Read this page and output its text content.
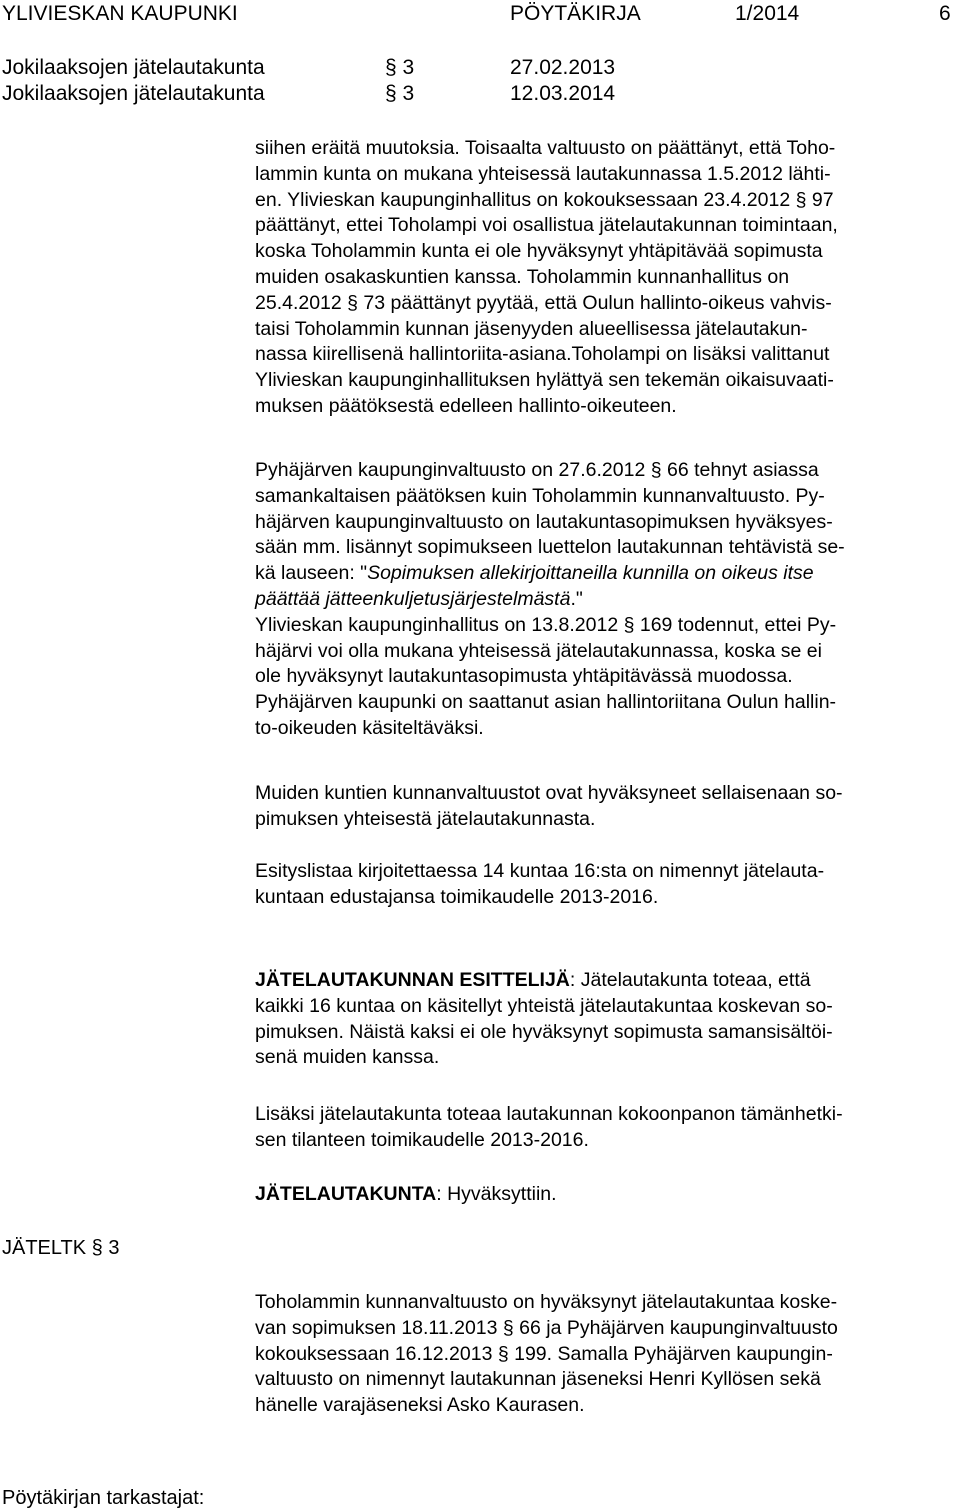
YLIVIESKAN KAUPUNKI	PÖYTÄKIRJA	1/2014	6
Jokilaaksojen jätelautakunta	§ 3	27.02.2013
Jokilaaksojen jätelautakunta	§ 3	12.03.2014
siihen eräitä muutoksia. Toisaalta valtuusto on päättänyt, että Toho-
lammin kunta on mukana yhteisessä lautakunnassa 1.5.2012 lähti-
en. Ylivieskan kaupunginhallitus on kokouksessaan 23.4.2012 § 97
päättänyt, ettei Toholampi voi osallistua jätelautakunnan toimintaan,
koska Toholammin kunta ei ole hyväksynyt yhtäpitävää sopimusta
muiden osakaskuntien kanssa. Toholammin kunnanhallitus on
25.4.2012 § 73 päättänyt pyytää, että Oulun hallinto-oikeus vahvis-
taisi Toholammin kunnan jäsenyyden alueellisessa jätelautakun-
nassa kiirellisenä hallintoriita-asiana.Toholampi on lisäksi valittanut
Ylivieskan kaupunginhallituksen hylättyä sen tekemän oikaisuvaati-
muksen päätöksestä edelleen hallinto-oikeuteen.
Pyhäjärven kaupunginvaltuusto on 27.6.2012 § 66 tehnyt asiassa
samankaltaisen päätöksen kuin Toholammin kunnanvaltuusto. Py-
häjärven kaupunginvaltuusto on lautakuntasopimuksen hyväksyes-
sään mm. lisännyt sopimukseen luettelon lautakunnan tehtävistä se-
kä lauseen: "Sopimuksen allekirjoittaneilla kunnilla on oikeus itse
päättää jätteenkuljetusjärjestelmästä."
Ylivieskan kaupunginhallitus on 13.8.2012 § 169 todennut, ettei Py-
häjärvi voi olla mukana yhteisessä jätelautakunnassa, koska se ei
ole hyväksynyt lautakuntasopimusta yhtäpitävässä muodossa.
Pyhäjärven kaupunki on saattanut asian hallintoriitana Oulun hallin-
to-oikeuden käsiteltäväksi.
Muiden kuntien kunnanvaltuustot ovat hyväksyneet sellaisenaan so-
pimuksen yhteisestä jätelautakunnasta.
Esityslistaa kirjoitettaessa 14 kuntaa 16:sta on nimennyt jätelauta-
kuntaan edustajansa toimikaudelle 2013-2016.
JÄTELAUTAKUNNAN ESITTELIJÄ: Jätelautakunta toteaa, että
kaikki 16 kuntaa on käsitellyt yhteistä jätelautakuntaa koskevan so-
pimuksen. Näistä kaksi ei ole hyväksynyt sopimusta samansisältöi-
senä muiden kanssa.
Lisäksi jätelautakunta toteaa lautakunnan kokoonpanon tämänhetki-
sen tilanteen toimikaudelle 2013-2016.
JÄTELAUTAKUNTA: Hyväksyttiin.
JÄTELTK § 3
Toholammin kunnanvaltuusto on hyväksynyt jätelautakuntaa koske-
van sopimuksen 18.11.2013 § 66 ja Pyhäjärven kaupunginvaltuusto
kokouksessaan 16.12.2013 § 199. Samalla Pyhäjärven kaupungin-
valtuusto on nimennyt lautakunnan jäseneksi Henri Kyllösen sekä
hänelle varajäseneksi Asko Kaurasen.
Pöytäkirjan tarkastajat:
